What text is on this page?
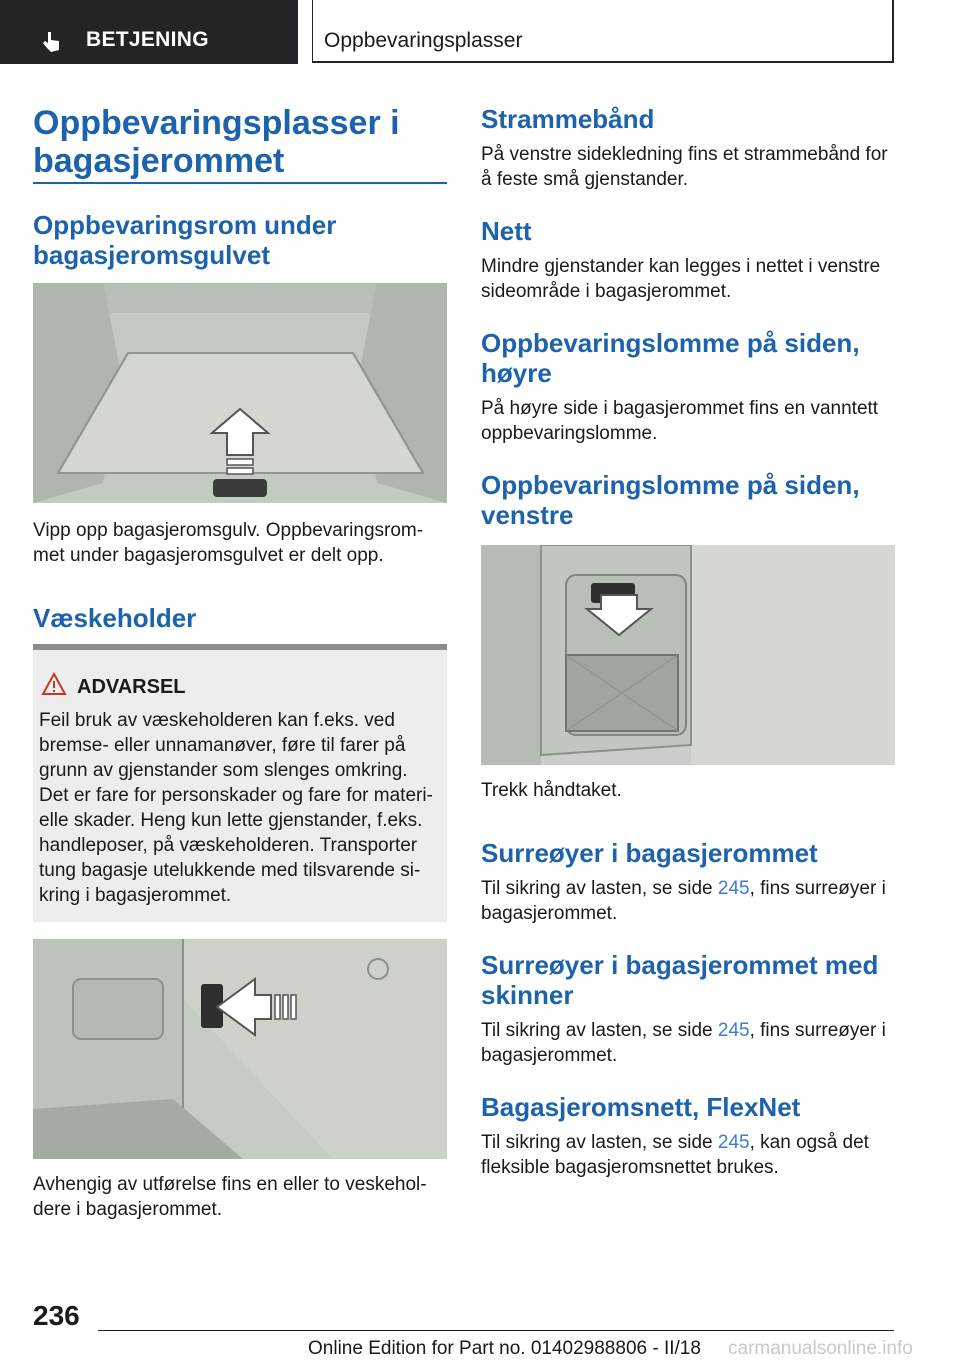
BETJENING	Oppbevaringsplasser
Oppbevaringsplasser i
bagasjerommet
Oppbevaringsrom under
bagasjeromsgulvet

Vipp opp bagasjeromsgulv. Oppbevaringsrom-
met under bagasjeromsgulvet er delt opp.

Væskeholder
ADVARSEL

Feil bruk av væskeholderen kan f.eks. ved
bremse- eller unnamanøver, føre til farer på
grunn av gjenstander som slenges omkring.
Det er fare for personskader og fare for materi-
elle skader. Heng kun lette gjenstander, f.eks.
handleposer, på væskeholderen. Transporter
tung bagasje utelukkende med tilsvarende si-
kring i bagasjerommet.

Avhengig av utførelse fins en eller to veskehol-
dere i bagasjerommet.

Strammebånd

På venstre sidekledning fins et strammebånd for
å feste små gjenstander.

Nett

Mindre gjenstander kan legges i nettet i venstre
sideområde i bagasjerommet.

Oppbevaringslomme på siden,
høyre

På høyre side i bagasjerommet fins en vanntett
oppbevaringslomme.

Oppbevaringslomme på siden,
venstre

Trekk håndtaket.

Surreøyer i bagasjerommet

Til sikring av lasten, se side 245, fins surreøyer i
bagasjerommet.

Surreøyer i bagasjerommet med
skinner

Til sikring av lasten, se side 245, fins surreøyer i
bagasjerommet.

Bagasjeromsnett, FlexNet

Til sikring av lasten, se side 245, kan også det
fleksible bagasjeromsnettet brukes.

236
Online Edition for Part no. 01402988806 - II/18 carmanualsonline.info
